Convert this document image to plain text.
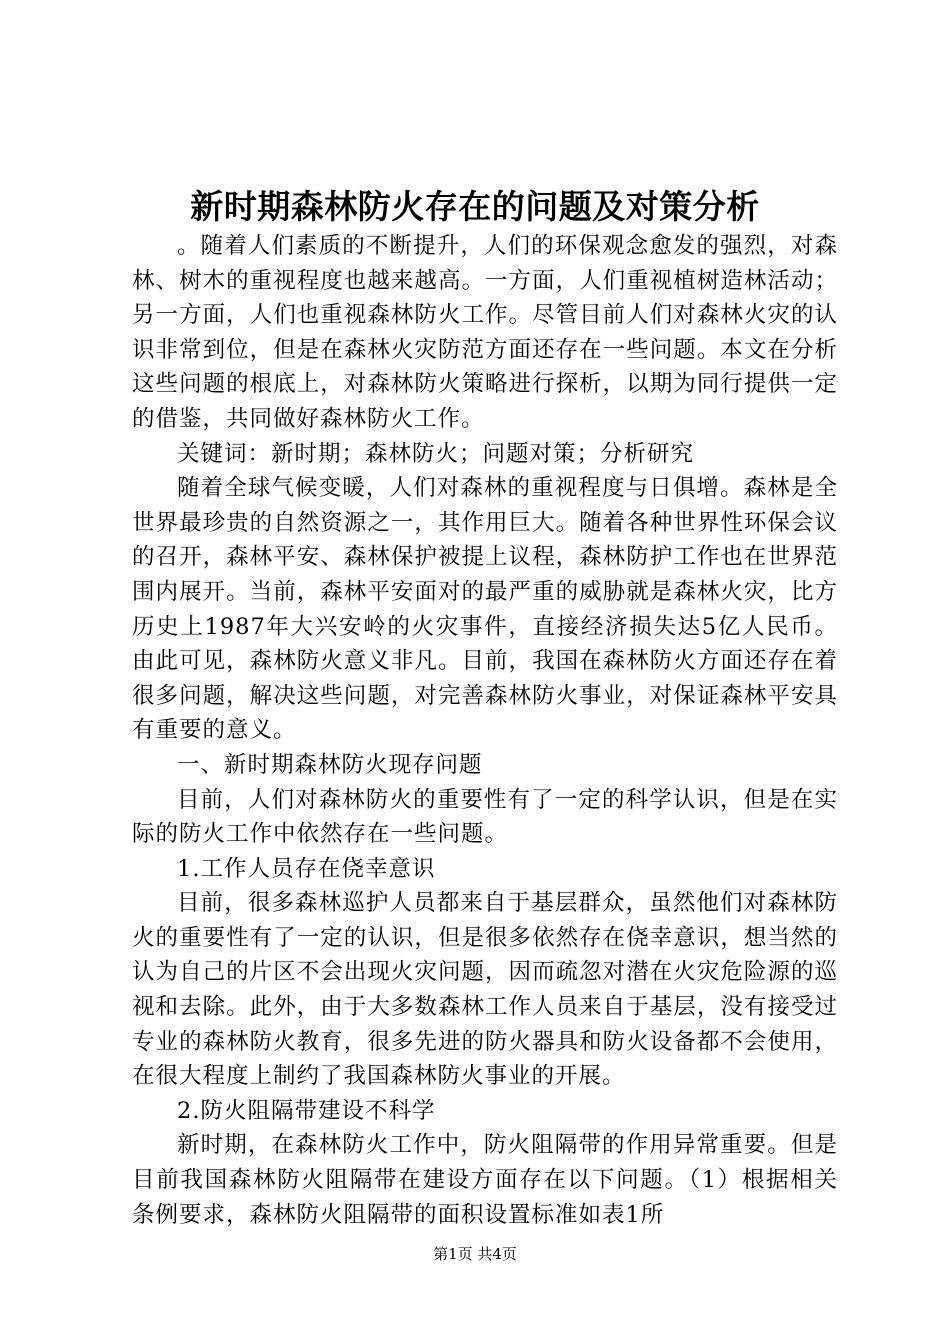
新时期森林防火存在的问题及对策分析

。随着人们素质的不断提升，人们的环保观念愈发的强烈，对森林、树木的重视程度也越来越高。一方面，人们重视植树造林活动；另一方面，人们也重视森林防火工作。尽管目前人们对森林火灾的认识非常到位，但是在森林火灾防范方面还存在一些问题。本文在分析这些问题的根底上，对森林防火策略进行探析，以期为同行提供一定的借鉴，共同做好森林防火工作。

关键词：新时期；森林防火；问题对策；分析研究

随着全球气候变暖，人们对森林的重视程度与日俱增。森林是全世界最珍贵的自然资源之一，其作用巨大。随着各种世界性环保会议的召开，森林平安、森林保护被提上议程，森林防护工作也在世界范围内展开。当前，森林平安面对的最严重的威胁就是森林火灾，比方历史上1987年大兴安岭的火灾事件，直接经济损失达5亿人民币。由此可见，森林防火意义非凡。目前，我国在森林防火方面还存在着很多问题，解决这些问题，对完善森林防火事业，对保证森林平安具有重要的意义。

一、新时期森林防火现存问题

目前，人们对森林防火的重要性有了一定的科学认识，但是在实际的防火工作中依然存在一些问题。

1.工作人员存在侥幸意识

目前，很多森林巡护人员都来自于基层群众，虽然他们对森林防火的重要性有了一定的认识，但是很多依然存在侥幸意识，想当然的认为自己的片区不会出现火灾问题，因而疏忽对潜在火灾危险源的巡视和去除。此外，由于大多数森林工作人员来自于基层，没有接受过专业的森林防火教育，很多先进的防火器具和防火设备都不会使用，在很大程度上制约了我国森林防火事业的开展。

2.防火阻隔带建设不科学

新时期，在森林防火工作中，防火阻隔带的作用异常重要。但是目前我国森林防火阻隔带在建设方面存在以下问题。（1）根据相关条例要求，森林防火阻隔带的面积设置标准如表1所

第1页 共4页
